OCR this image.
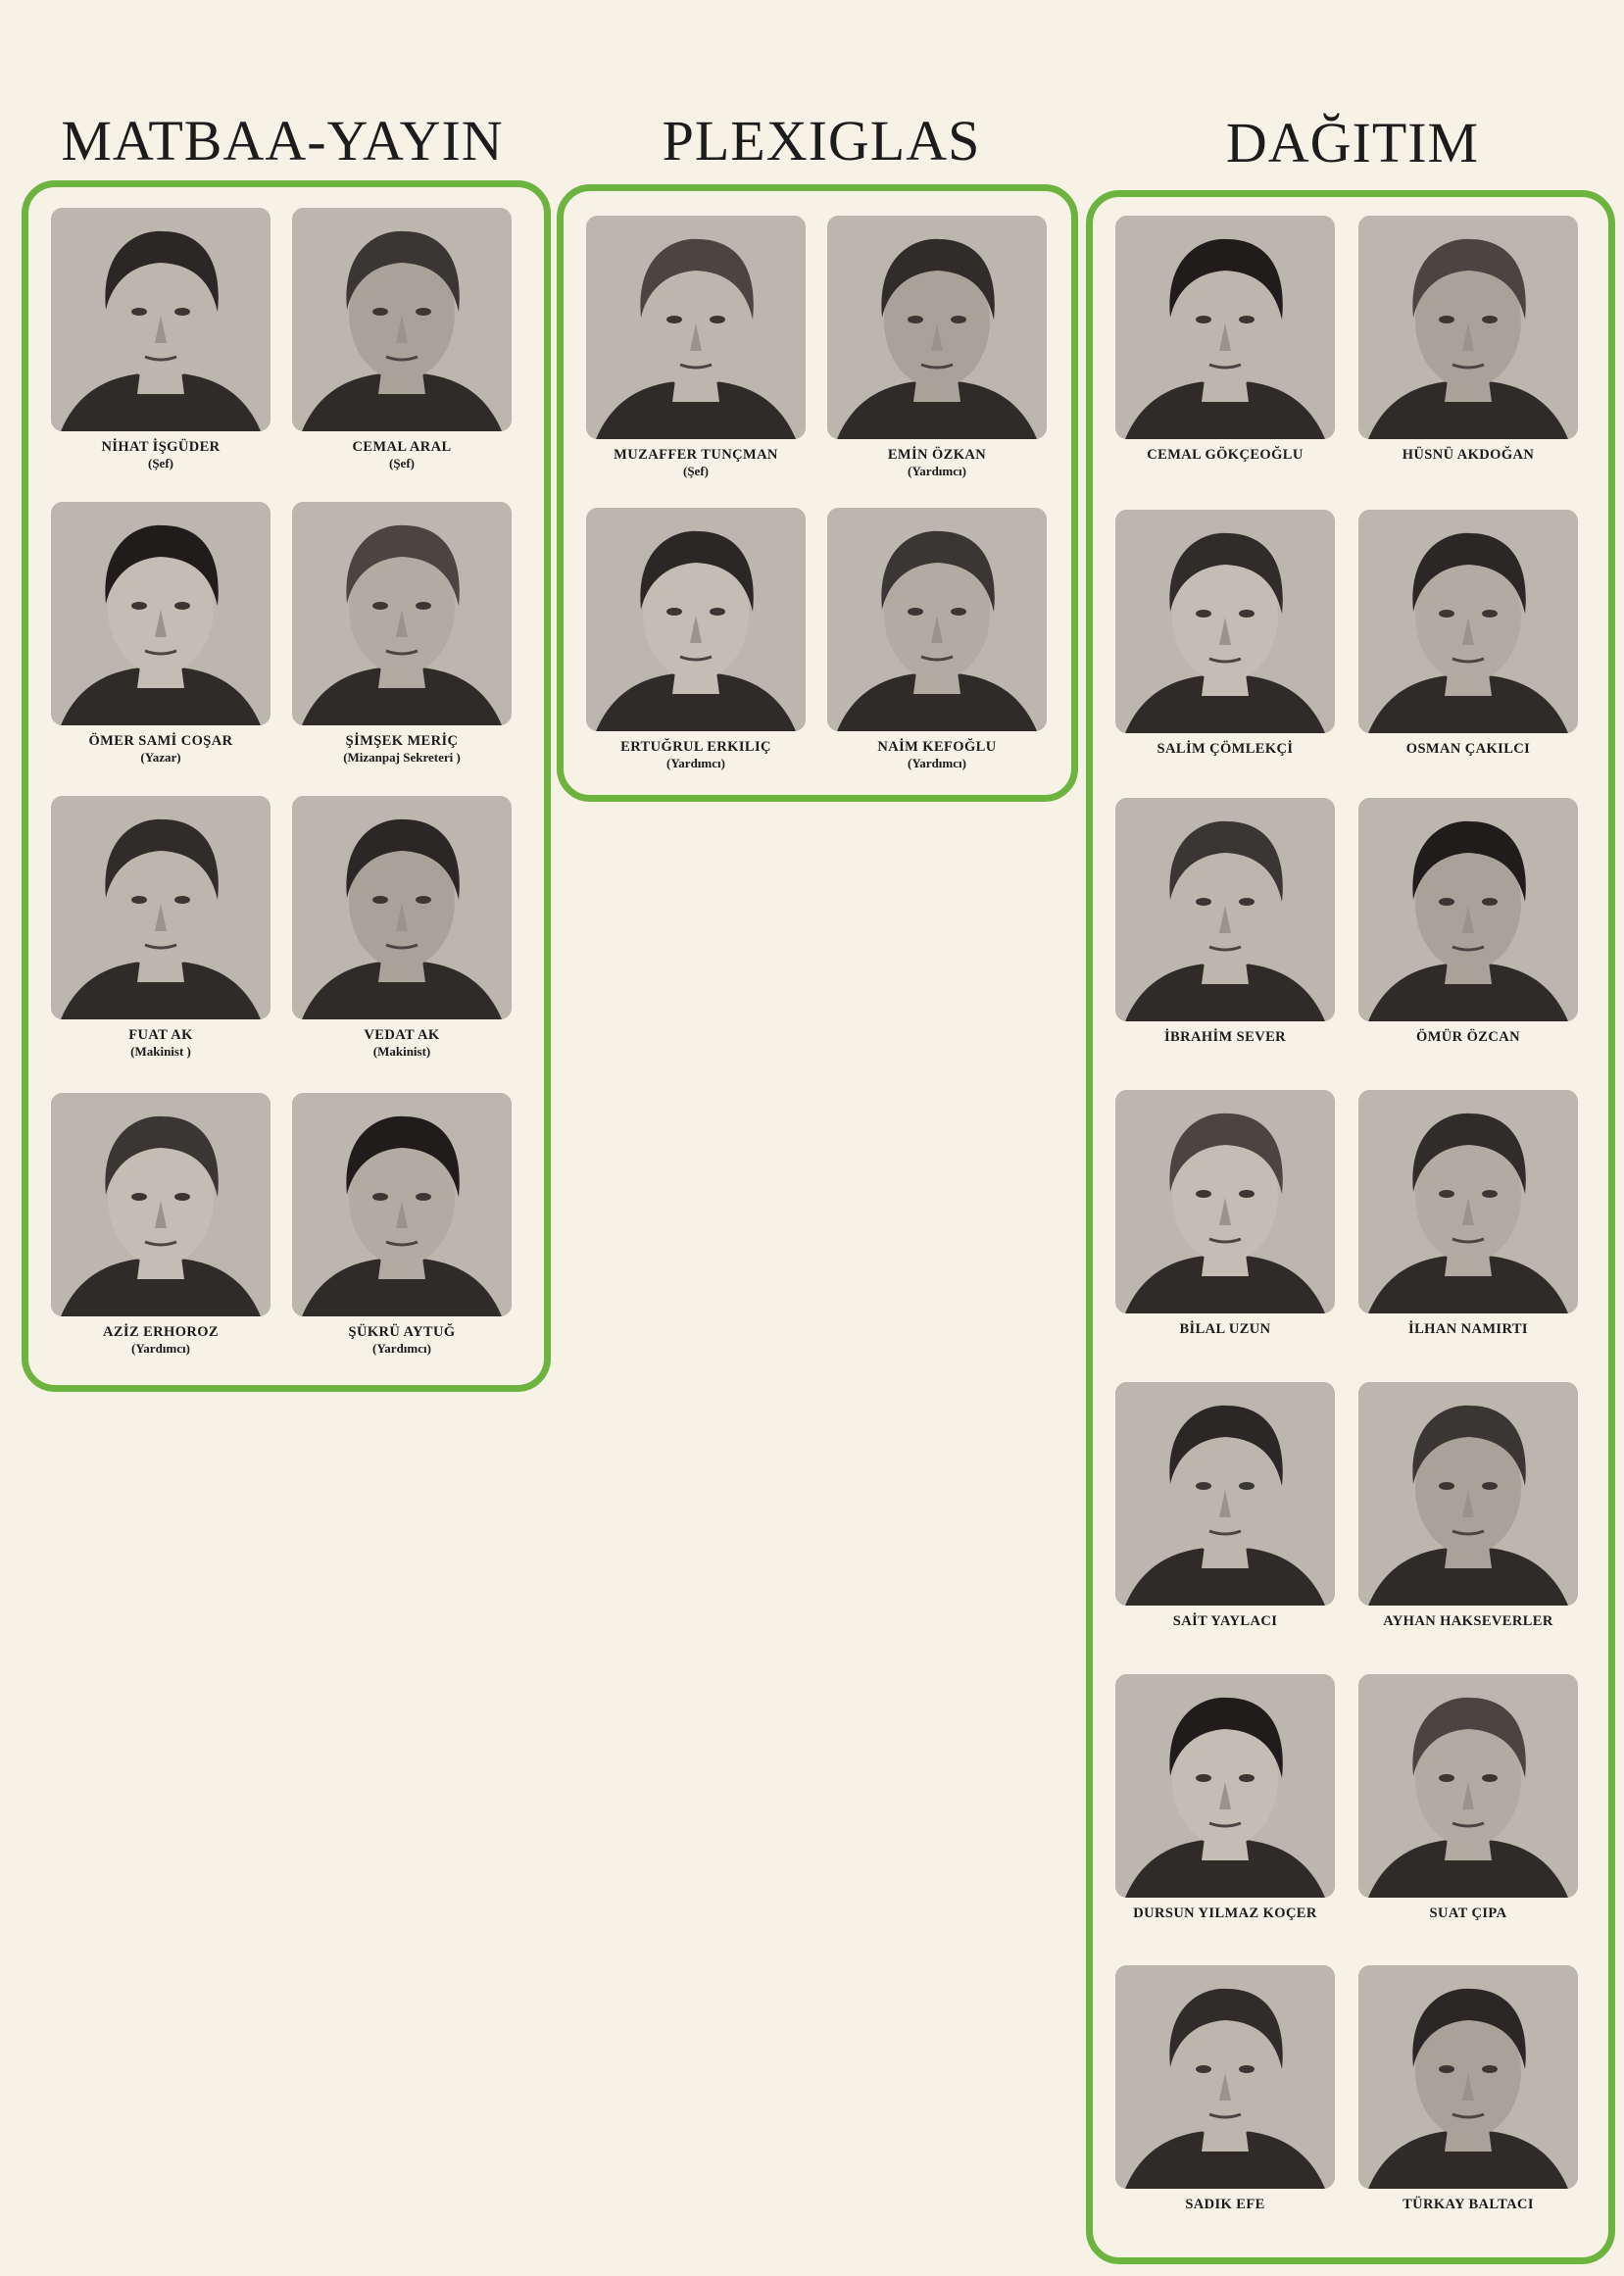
MATBAA-YAYIN	PLEXIGLAS	DAĞITIM
NİHAT İŞGÜDER
(Şef)
CEMAL ARAL
(Şef)
ÖMER SAMİ COŞAR
(Yazar)
ŞİMŞEK MERİÇ
(Mizanpaj Sekreteri )
FUAT AK
(Makinist )
VEDAT AK
(Makinist)
AZİZ ERHOROZ
(Yardımcı)
ŞÜKRÜ AYTUĞ
(Yardımcı)
MUZAFFER TUNÇMAN
(Şef)
EMİN ÖZKAN
(Yardımcı)
ERTUĞRUL ERKILIÇ
(Yardımcı)
NAİM KEFOĞLU
(Yardımcı)
CEMAL GÖKÇEOĞLU	HÜSNÜ AKDOĞAN
SALİM ÇÖMLEKÇİ	OSMAN ÇAKILCI
İBRAHİM SEVER	ÖMÜR ÖZCAN
BİLAL UZUN	İLHAN NAMIRTI
SAİT YAYLACI	AYHAN HAKSEVERLER
DURSUN YILMAZ KOÇER	SUAT ÇIPA
SADIK EFE	TÜRKAY BALTACI
